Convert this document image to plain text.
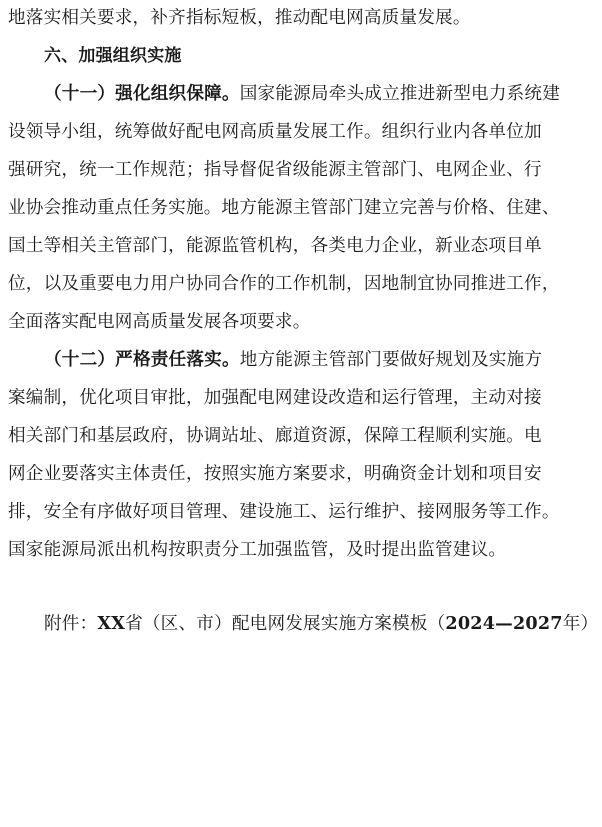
地落实相关要求，补齐指标短板，推动配电网高质量发展。
六、加强组织实施
（十一）强化组织保障。国家能源局牵头成立推进新型电力系统建
设领导小组，统筹做好配电网高质量发展工作。组织行业内各单位加
强研究，统一工作规范；指导督促省级能源主管部门、电网企业、行
业协会推动重点任务实施。地方能源主管部门建立完善与价格、住建、
国土等相关主管部门，能源监管机构，各类电力企业，新业态项目单
位，以及重要电力用户协同合作的工作机制，因地制宜协同推进工作，
全面落实配电网高质量发展各项要求。
（十二）严格责任落实。地方能源主管部门要做好规划及实施方
案编制，优化项目审批，加强配电网建设改造和运行管理，主动对接
相关部门和基层政府，协调站址、廊道资源，保障工程顺利实施。电
网企业要落实主体责任，按照实施方案要求，明确资金计划和项目安
排，安全有序做好项目管理、建设施工、运行维护、接网服务等工作。
国家能源局派出机构按职责分工加强监管，及时提出监管建议。
附件：XX省（区、市）配电网发展实施方案模板（2024—2027年）
